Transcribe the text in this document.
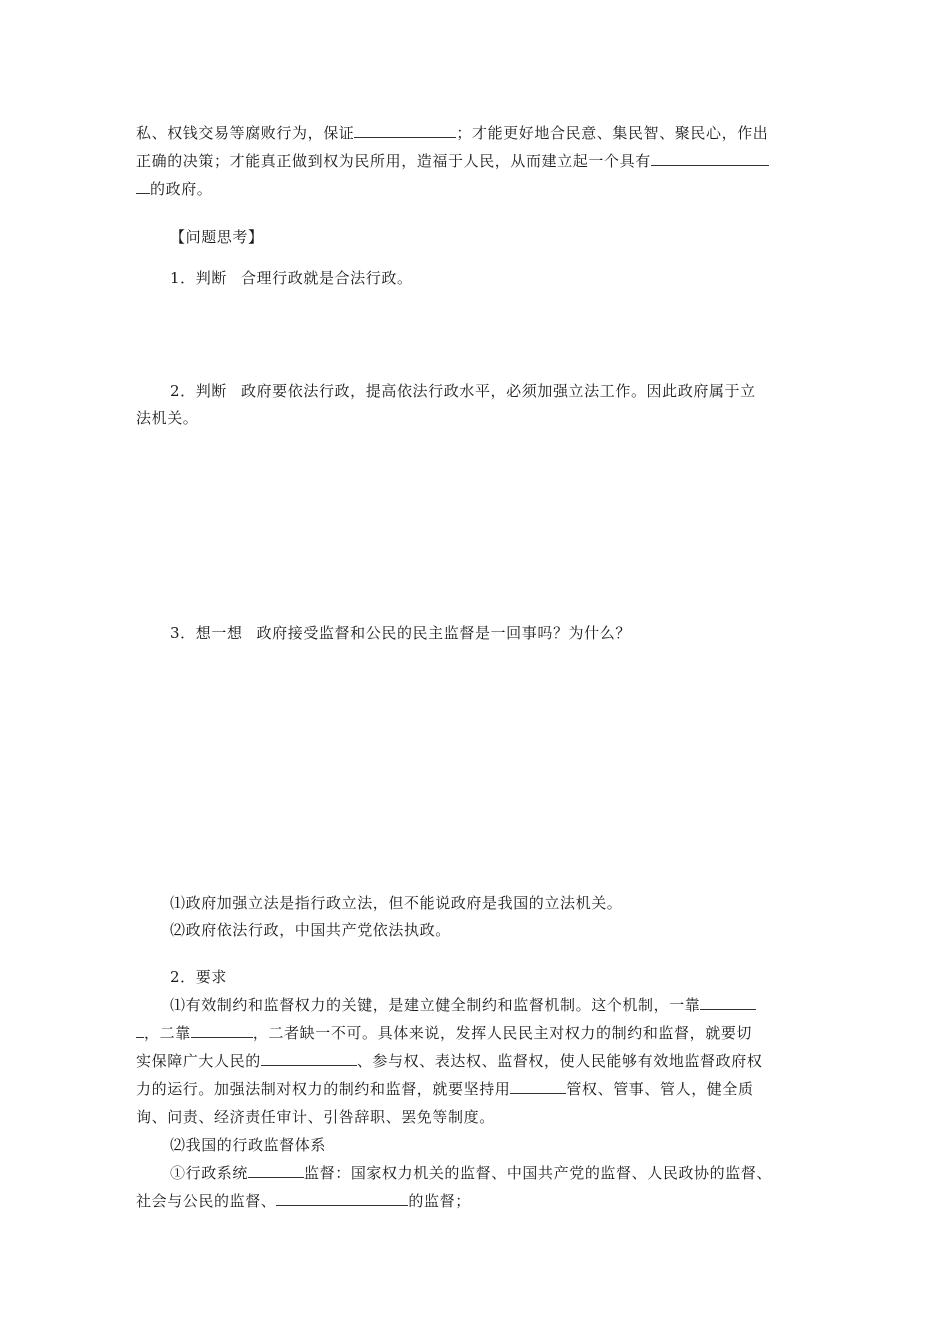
私、权钱交易等腐败行为，保证	；才能更好地合民意、集民智、聚民心，作出
正确的决策；才能真正做到权为民所用，造福于人民，从而建立起一个具有
的政府。
【问题思考】
1．判断 合理行政就是合法行政。
2．判断 政府要依法行政，提高依法行政水平，必须加强立法工作。因此政府属于立
法机关。
3．想一想 政府接受监督和公民的民主监督是一回事吗？为什么？
⑴政府加强立法是指行政立法，但不能说政府是我国的立法机关。
⑵政府依法行政，中国共产党依法执政。
2．要求
⑴有效制约和监督权力的关键，是建立健全制约和监督机制。这个机制，一靠
，二靠	，二者缺一不可。具体来说，发挥人民民主对权力的制约和监督，就要切
实保障广大人民的	、参与权、表达权、监督权，使人民能够有效地监督政府权
力的运行。加强法制对权力的制约和监督，就要坚持用	管权、管事、管人，健全质
询、问责、经济责任审计、引咎辞职、罢免等制度。
⑵我国的行政监督体系
①行政系统	监督：国家权力机关的监督、中国共产党的监督、人民政协的监督、
社会与公民的监督、	的监督；
